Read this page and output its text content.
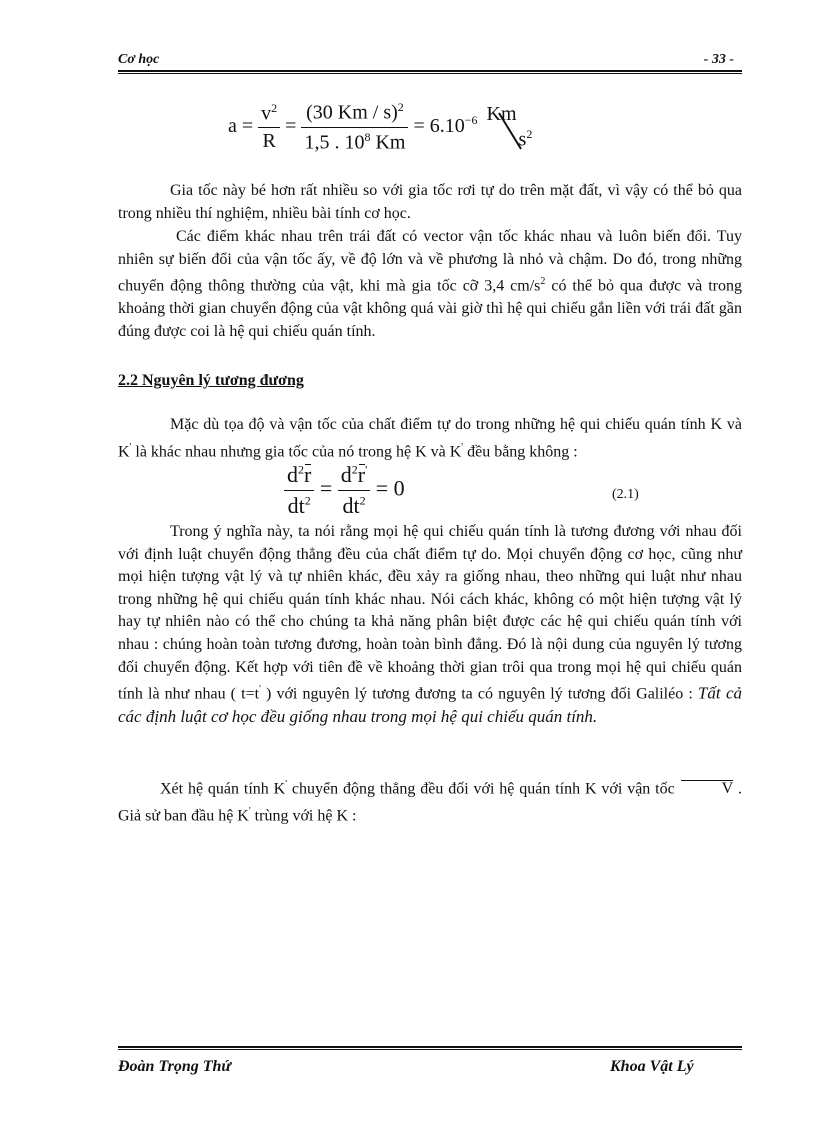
Cơ học	- 33 -
$a = \frac{v^2}{R} = \frac{(30 Km / s)^2}{1,5 . 10^8 Km} = 6.10^{-6}$ Km
$s^2$

Gia tốc này bé hơn rất nhiều so với gia tốc rơi tự do trên mặt đất, vì vậy có thể bỏ qua trong nhiều thí nghiệm, nhiều bài tính cơ học.

Các điểm khác nhau trên trái đất có vector vận tốc khác nhau và luôn biến đổi. Tuy nhiên sự biến đổi của vận tốc ấy, về độ lớn và về phương là nhỏ và chậm. Do đó, trong những chuyển động thông thường của vật, khi mà gia tốc cỡ 3,4 $cm/s^2$ có thể bỏ qua được và trong khoảng thời gian chuyển động của vật không quá vài giờ thì hệ qui chiếu gắn liền với trái đất gần đúng được coi là hệ qui chiếu quán tính.

2.2 Nguyên lý tương đương

Mặc dù tọa độ và vận tốc của chất điểm tự do trong những hệ qui chiếu quán tính K và K' là khác nhau nhưng gia tốc của nó trong hệ K và K' đều bằng không :

$\frac{d^2r}{dt^2} = \frac{d^2r'}{dt^2} = 0$	(2.1)

Trong ý nghĩa này, ta nói rằng mọi hệ qui chiếu quán tính là tương đương với nhau đối với định luật chuyển động thẳng đều của chất điểm tự do. Mọi chuyển động cơ học, cũng như mọi hiện tượng vật lý và tự nhiên khác, đều xảy ra giống nhau, theo những qui luật như nhau trong những hệ qui chiếu quán tính khác nhau. Nói cách khác, không có một hiện tượng vật lý hay tự nhiên nào có thể cho chúng ta khả năng phân biệt được các hệ qui chiếu quán tính với nhau : chúng hoàn toàn tương đương, hoàn toàn bình đẳng. Đó là nội dung của nguyên lý tương đối chuyển động. Kết hợp với tiên đề về khoảng thời gian trôi qua trong mọi hệ qui chiếu quán tính là như nhau ( t=t' ) với nguyên lý tương đương ta có nguyên lý tương đối Galiléo : Tất cả các định luật cơ học đều giống nhau trong mọi hệ qui chiếu quán tính.

Xét hệ quán tính K' chuyển động thẳng đều đối với hệ quán tính K với vận tốc	V . Giả sử ban đầu hệ K' trùng với hệ K :

Đoàn Trọng Thứ	Khoa Vật Lý
